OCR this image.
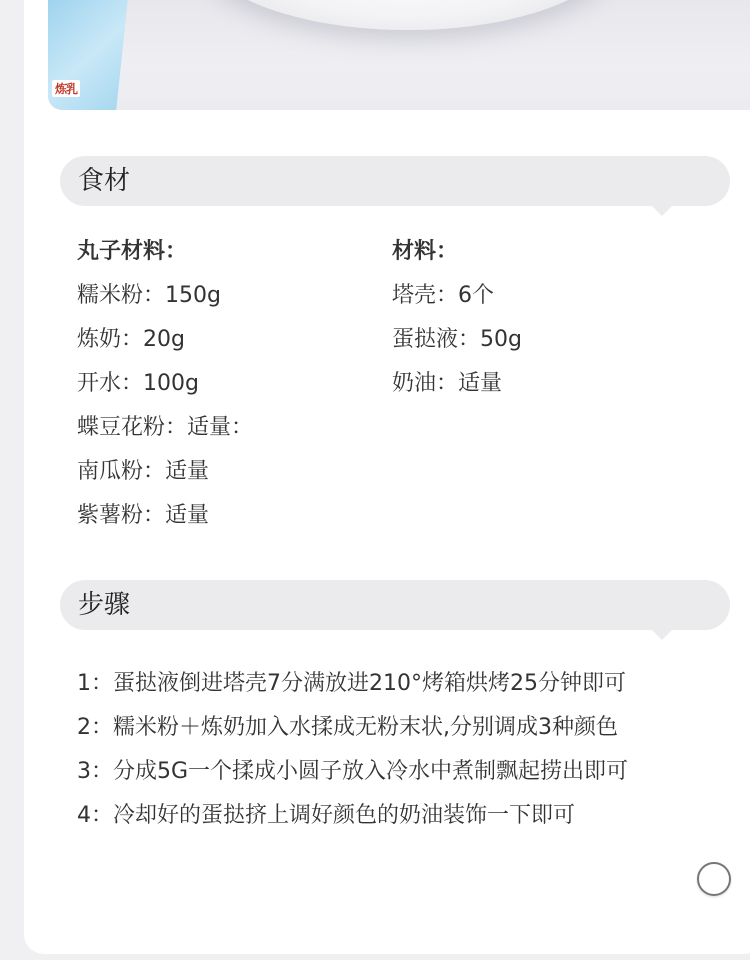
炼乳
食材
丸子材料：
糯米粉：150g
炼奶：20g
开水：100g
蝶豆花粉：适量：
南瓜粉：适量
紫薯粉：适量
材料：
塔壳：6个
蛋挞液：50g
奶油：适量
步骤
1：蛋挞液倒进塔壳7分满放进210°烤箱烘烤25分钟即可
2：糯米粉＋炼奶加入水揉成无粉末状,分别调成3种颜色
3：分成5G一个揉成小圆子放入冷水中煮制飘起捞出即可
4：冷却好的蛋挞挤上调好颜色的奶油装饰一下即可
